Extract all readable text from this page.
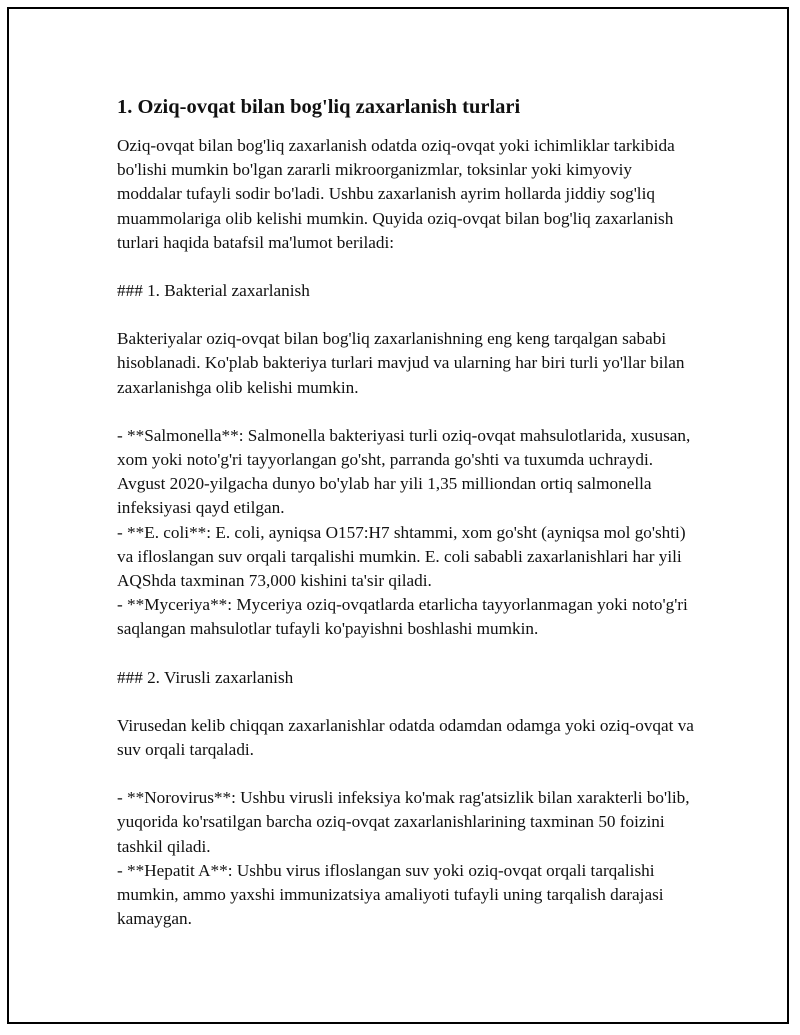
1. Oziq-ovqat bilan bog'liq zaxarlanish turlari

Oziq-ovqat bilan bog'liq zaxarlanish odatda oziq-ovqat yoki ichimliklar tarkibida bo'lishi mumkin bo'lgan zararli mikroorganizmlar, toksinlar yoki kimyoviy moddalar tufayli sodir bo'ladi. Ushbu zaxarlanish ayrim hollarda jiddiy sog'liq muammolariga olib kelishi mumkin. Quyida oziq-ovqat bilan bog'liq zaxarlanish turlari haqida batafsil ma'lumot beriladi:

### 1. Bakterial zaxarlanish

Bakteriyalar oziq-ovqat bilan bog'liq zaxarlanishning eng keng tarqalgan sababi hisoblanadi. Ko'plab bakteriya turlari mavjud va ularning har biri turli yo'llar bilan zaxarlanishga olib kelishi mumkin.

- **Salmonella**: Salmonella bakteriyasi turli oziq-ovqat mahsulotlarida, xususan, xom yoki noto'g'ri tayyorlangan go'sht, parranda go'shti va tuxumda uchraydi. Avgust 2020-yilgacha dunyo bo'ylab har yili 1,35 milliondan ortiq salmonella infeksiyasi qayd etilgan.
- **E. coli**: E. coli, ayniqsa O157:H7 shtammi, xom go'sht (ayniqsa mol go'shti) va ifloslangan suv orqali tarqalishi mumkin. E. coli sababli zaxarlanishlari har yili AQShda taxminan 73,000 kishini ta'sir qiladi.
- **Myceriya**: Myceriya oziq-ovqatlarda etarlicha tayyorlanmagan yoki noto'g'ri saqlangan mahsulotlar tufayli ko'payishni boshlashi mumkin.

### 2. Virusli zaxarlanish

Virusedan kelib chiqqan zaxarlanishlar odatda odamdan odamga yoki oziq-ovqat va suv orqali tarqaladi.

- **Norovirus**: Ushbu virusli infeksiya ko'mak rag'atsizlik bilan xarakterli bo'lib, yuqorida ko'rsatilgan barcha oziq-ovqat zaxarlanishlarining taxminan 50 foizini tashkil qiladi.
- **Hepatit A**: Ushbu virus ifloslangan suv yoki oziq-ovqat orqali tarqalishi mumkin, ammo yaxshi immunizatsiya amaliyoti tufayli uning tarqalish darajasi kamaygan.
